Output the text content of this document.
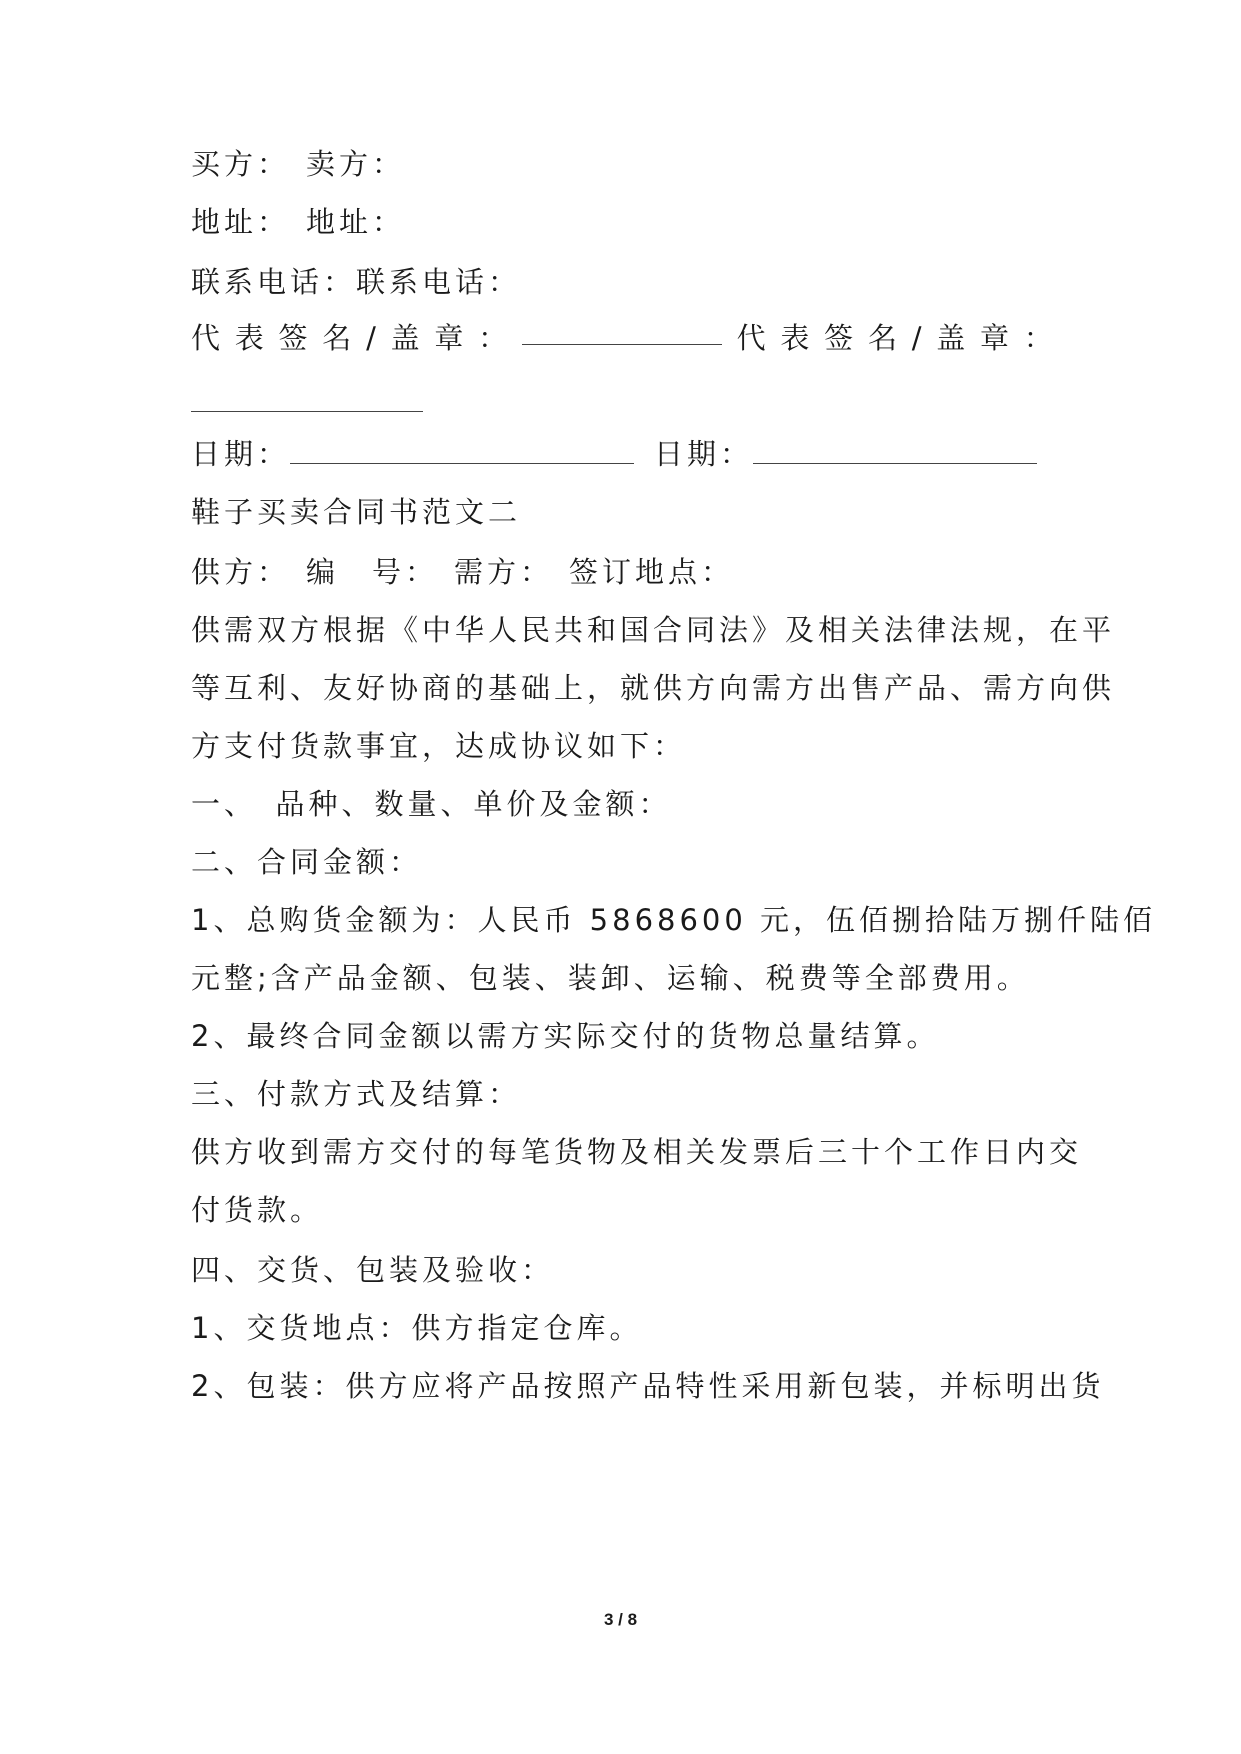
买方： 卖方：
地址： 地址：
联系电话：联系电话：
代 表 签 名 / 盖 章 ：	代 表 签 名 / 盖 章 ：
日期：	日期：
鞋子买卖合同书范文二
供方： 编　号： 需方： 签订地点：
供需双方根据《中华人民共和国合同法》及相关法律法规，在平
等互利、友好协商的基础上，就供方向需方出售产品、需方向供
方支付货款事宜，达成协议如下：
一、　品种、数量、单价及金额：
二、合同金额：
1、总购货金额为：人民币 5868600 元，伍佰捌拾陆万捌仟陆佰
元整;含产品金额、包装、装卸、运输、税费等全部费用。
2、最终合同金额以需方实际交付的货物总量结算。
三、付款方式及结算：
供方收到需方交付的每笔货物及相关发票后三十个工作日内交
付货款。
四、交货、包装及验收：
1、交货地点：供方指定仓库。
2、包装：供方应将产品按照产品特性采用新包装，并标明出货
3 / 8
